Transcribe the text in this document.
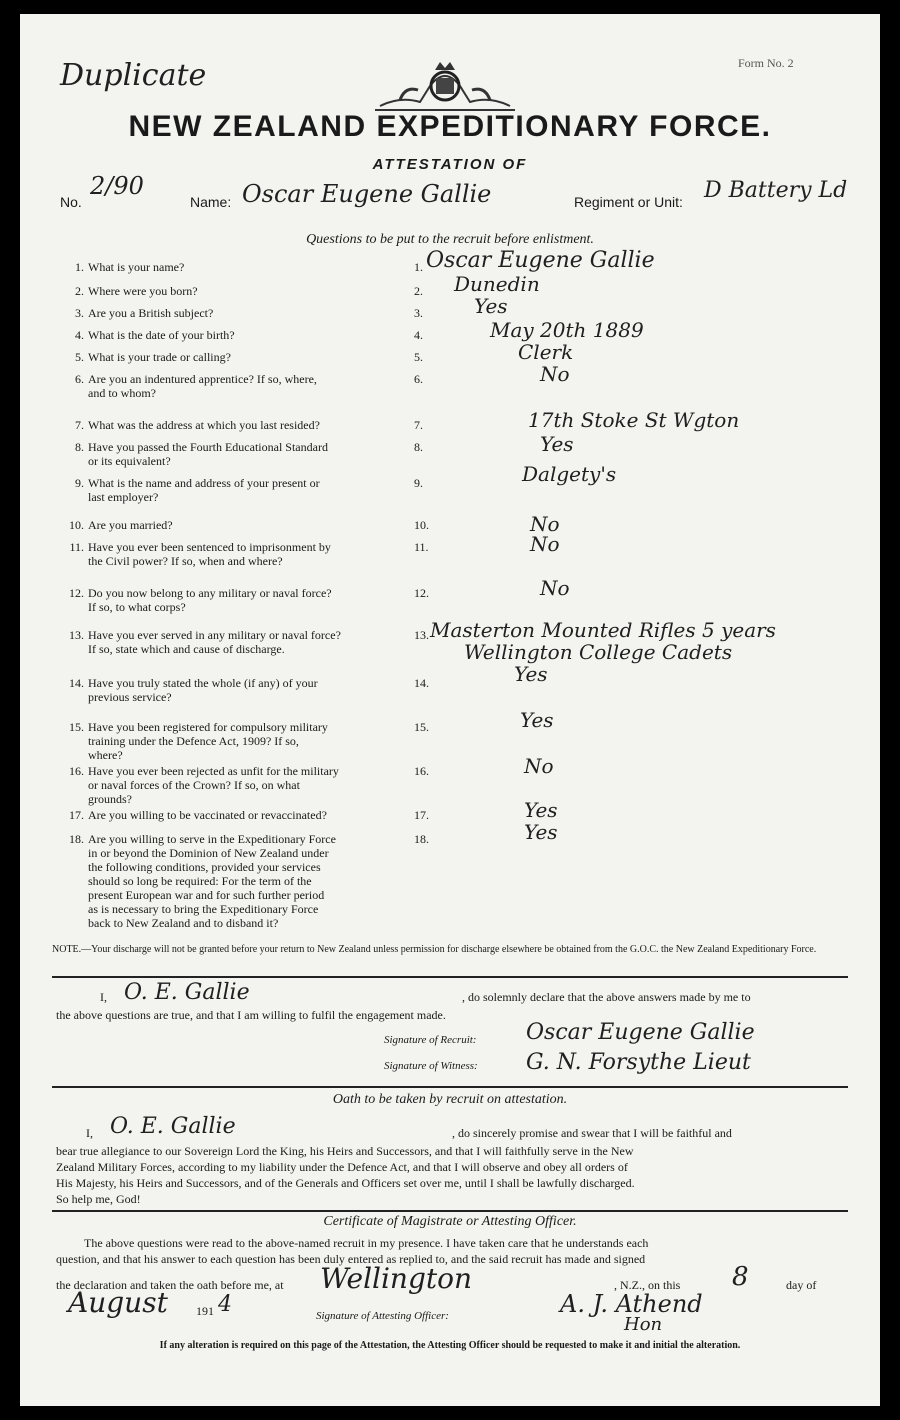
Form No. 2
Duplicate
NEW ZEALAND EXPEDITIONARY FORCE.
ATTESTATION OF
No.
2/90
Name: Oscar Eugene Gallie	Regiment or Unit: D Battery Ld
Questions to be put to the recruit before enlistment.
1. What is your name?	1. Oscar Eugene Gallie
2. Where were you born?	2. Dunedin
3. Are you a British subject?	3.	Yes
4. What is the date of your birth?	4.	May 20th 1889
5. What is your trade or calling?	5.	Clerk
6. Are you an indentured apprentice? If so, where,
and to whom?
6.	No
7. What was the address at which you last resided?	7.	17th Stoke St Wgton
8. Have you passed the Fourth Educational Standard
or its equivalent?
8.	Yes
9. What is the name and address of your present or
last employer?
9.	Dalgety's
10. Are you married?	10.	No
11. Have you ever been sentenced to imprisonment by
the Civil power? If so, when and where?
11.	No
12. Do you now belong to any military or naval force?
If so, to what corps?
12.	No
13. Have you ever served in any military or naval force?
If so, state which and cause of discharge.
13. Masterton Mounted Rifles 5 years
Wellington College Cadets
14. Have you truly stated the whole (if any) of your
previous service?
14.	Yes
15. Have you been registered for compulsory military
training under the Defence Act, 1909? If so,
where?
15.	Yes
16. Have you ever been rejected as unfit for the military
or naval forces of the Crown? If so, on what
grounds?
16.	No
17. Are you willing to be vaccinated or revaccinated?	17.	Yes
18. Are you willing to serve in the Expeditionary Force
in or beyond the Dominion of New Zealand under
the following conditions, provided your services
should so long be required: For the term of the
present European war and for such further period
as is necessary to bring the Expeditionary Force
back to New Zealand and to disband it?
18.	Yes
NOTE.—Your discharge will not be granted before your return to New Zealand unless permission for discharge elsewhere be obtained from the G.O.C. the New Zealand Expeditionary Force.
I, O. E. Gallie	, do solemnly declare that the above answers made by me to
the above questions are true, and that I am willing to fulfil the engagement made.
Signature of Recruit: Oscar Eugene Gallie
Signature of Witness: G. N. Forsythe Lieut
Oath to be taken by recruit on attestation.
I, O. E. Gallie	, do sincerely promise and swear that I will be faithful and
bear true allegiance to our Sovereign Lord the King, his Heirs and Successors, and that I will faithfully serve in the New
Zealand Military Forces, according to my liability under the Defence Act, and that I will observe and obey all orders of
His Majesty, his Heirs and Successors, and of the Generals and Officers set over me, until I shall be lawfully discharged.
So help me, God!
Certificate of Magistrate or Attesting Officer.
The above questions were read to the above-named recruit in my presence. I have taken care that he understands each
question, and that his answer to each question has been duly entered as replied to, and the said recruit has made and signed
the declaration and taken the oath before me, at Wellington	, N.Z., on this 8	day of
August 191 4	Signature of Attesting Officer:	A. J. Athend
Hon
If any alteration is required on this page of the Attestation, the Attesting Officer should be requested to make it and initial the alteration.
